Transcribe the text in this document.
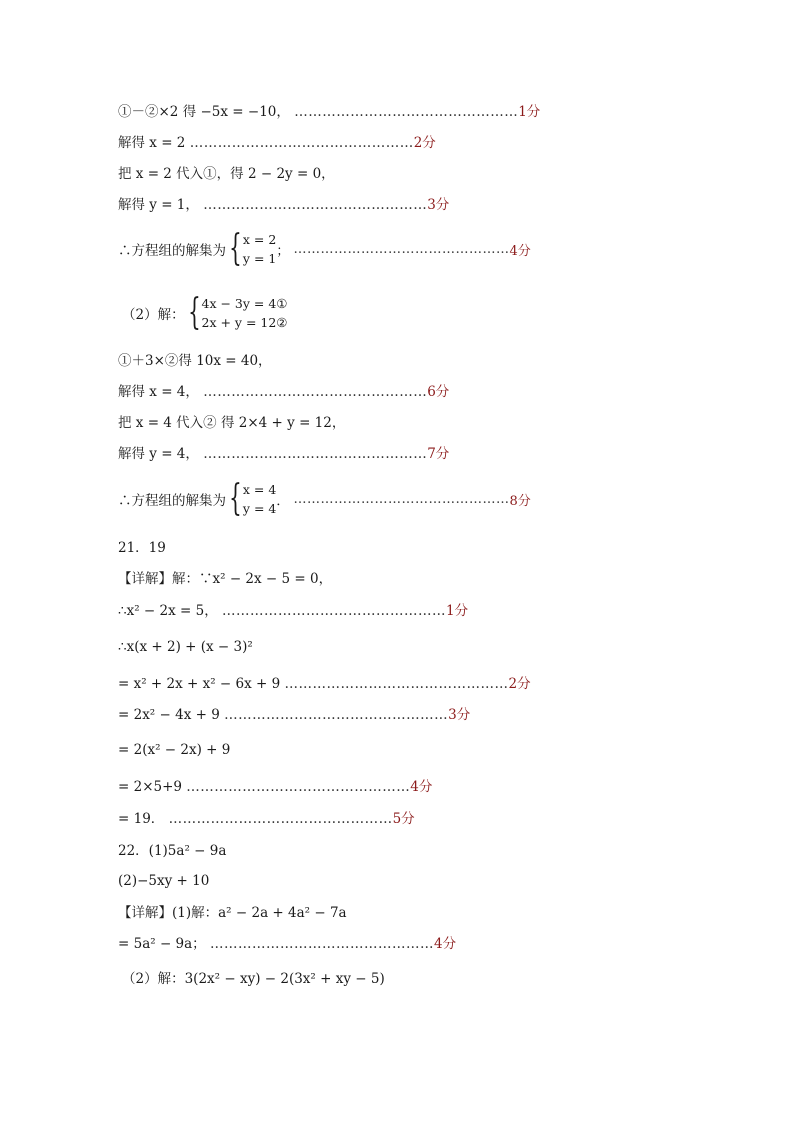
①－②×2 得 −5x = −10， …………………………………………1分
解得 x = 2 …………………………………………2分
把 x = 2 代入①，得 2 − 2y = 0，
解得 y = 1， …………………………………………3分
∴方程组的解集为 { x = 2
y = 1 ；
………………………………………… 4分
（2）解： { 4x − 3y = 4①
2x + y = 12②
①＋3×②得 10x = 40，
解得 x = 4， …………………………………………6分
把 x = 4 代入② 得 2×4 + y = 12，
解得 y = 4， …………………………………………7分
∴方程组的解集为 { x = 4
y = 4 ．
………………………………………… 8分
21．19
【详解】解：∵x² − 2x − 5 = 0，
∴x² − 2x = 5， …………………………………………1分
∴x(x + 2) + (x − 3)²
= x² + 2x + x² − 6x + 9 …………………………………………2分
= 2x² − 4x + 9 …………………………………………3分
= 2(x² − 2x) + 9
= 2×5+9 …………………………………………4分
= 19． …………………………………………5分
22．(1)5a² − 9a
(2)−5xy + 10
【详解】(1)解：a² − 2a + 4a² − 7a
= 5a² − 9a； …………………………………………4分
（2）解：3(2x² − xy) − 2(3x² + xy − 5)
